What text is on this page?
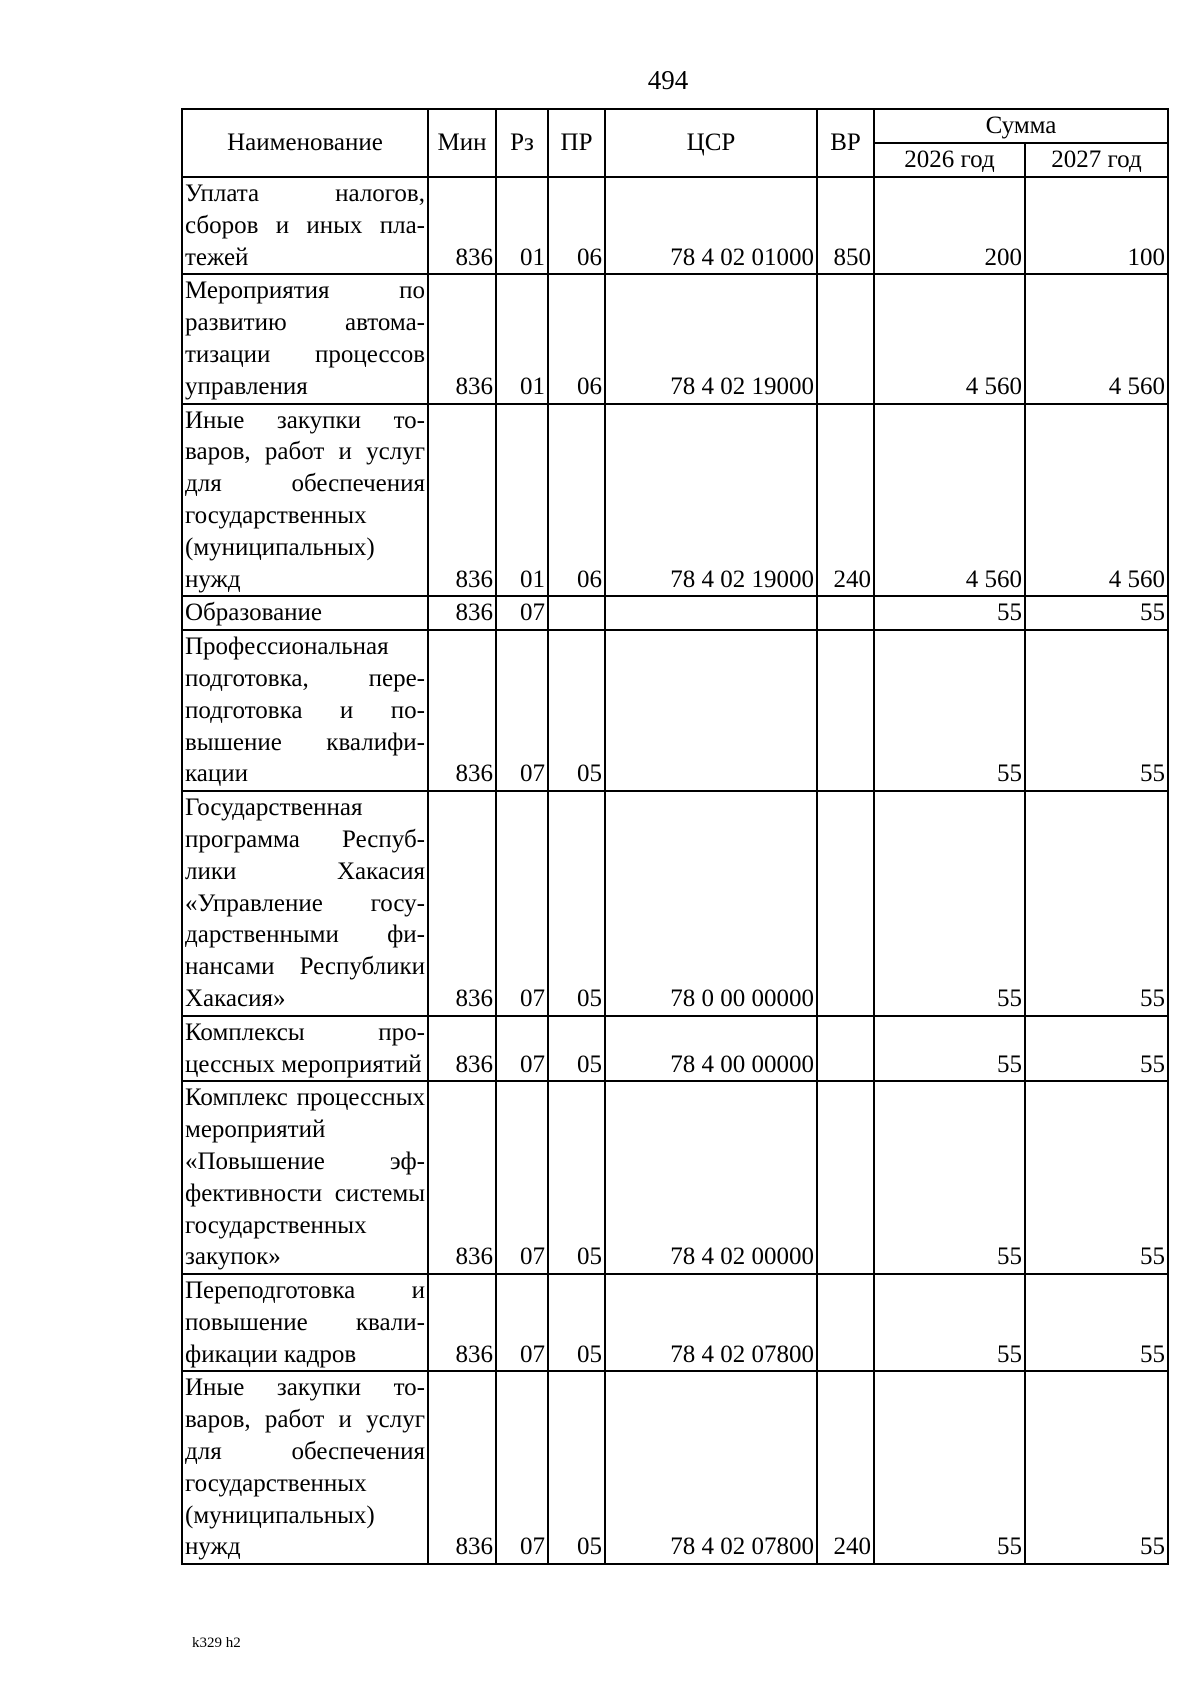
494
Наименование	Мин	Рз	ПР	ЦСР	ВР	Сумма	
						2026 год	2027 год
Уплата налогов, сборов и иных платежей	836	01	06	78 4 02 01000	850	200	100
Мероприятия по развитию автоматизации процессов управления	836	01	06	78 4 02 19000		4 560	4 560
Иные закупки товаров, работ и услуг для обеспечения государственных (муниципальных) нужд	836	01	06	78 4 02 19000	240	4 560	4 560
Образование	836	07				55	55
Профессиональная подготовка, переподготовка и повышение квалификации	836	07	05			55	55
Государственная программа Республики Хакасия «Управление государственными финансами Республики Хакасия»	836	07	05	78 0 00 00000		55	55
Комплексы процессных мероприятий	836	07	05	78 4 00 00000		55	55
Комплекс процессных мероприятий «Повышение эффективности системы государственных закупок»	836	07	05	78 4 02 00000		55	55
Переподготовка и повышение квалификации кадров	836	07	05	78 4 02 07800		55	55
Иные закупки товаров, работ и услуг для обеспечения государственных (муниципальных) нужд	836	07	05	78 4 02 07800	240	55	55
k329 h2
